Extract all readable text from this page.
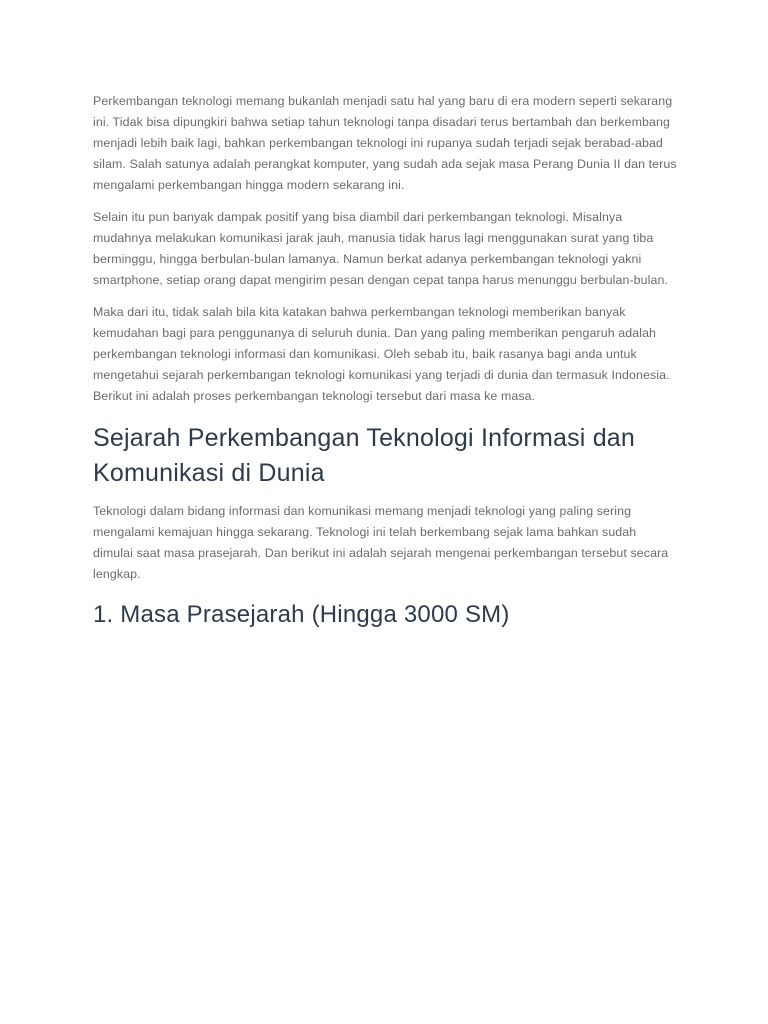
Perkembangan teknologi memang bukanlah menjadi satu hal yang baru di era modern seperti sekarang ini. Tidak bisa dipungkiri bahwa setiap tahun teknologi tanpa disadari terus bertambah dan berkembang menjadi lebih baik lagi, bahkan perkembangan teknologi ini rupanya sudah terjadi sejak berabad-abad silam. Salah satunya adalah perangkat komputer, yang sudah ada sejak masa Perang Dunia II dan terus mengalami perkembangan hingga modern sekarang ini.

Selain itu pun banyak dampak positif yang bisa diambil dari perkembangan teknologi. Misalnya mudahnya melakukan komunikasi jarak jauh, manusia tidak harus lagi menggunakan surat yang tiba berminggu, hingga berbulan-bulan lamanya. Namun berkat adanya perkembangan teknologi yakni smartphone, setiap orang dapat mengirim pesan dengan cepat tanpa harus menunggu berbulan-bulan.

Maka dari itu, tidak salah bila kita katakan bahwa perkembangan teknologi memberikan banyak kemudahan bagi para penggunanya di seluruh dunia. Dan yang paling memberikan pengaruh adalah perkembangan teknologi informasi dan komunikasi. Oleh sebab itu, baik rasanya bagi anda untuk mengetahui sejarah perkembangan teknologi komunikasi yang terjadi di dunia dan termasuk Indonesia. Berikut ini adalah proses perkembangan teknologi tersebut dari masa ke masa.

Sejarah Perkembangan Teknologi Informasi dan Komunikasi di Dunia

Teknologi dalam bidang informasi dan komunikasi memang menjadi teknologi yang paling sering mengalami kemajuan hingga sekarang. Teknologi ini telah berkembang sejak lama bahkan sudah dimulai saat masa prasejarah. Dan berikut ini adalah sejarah mengenai perkembangan tersebut secara lengkap.

1. Masa Prasejarah (Hingga 3000 SM)
